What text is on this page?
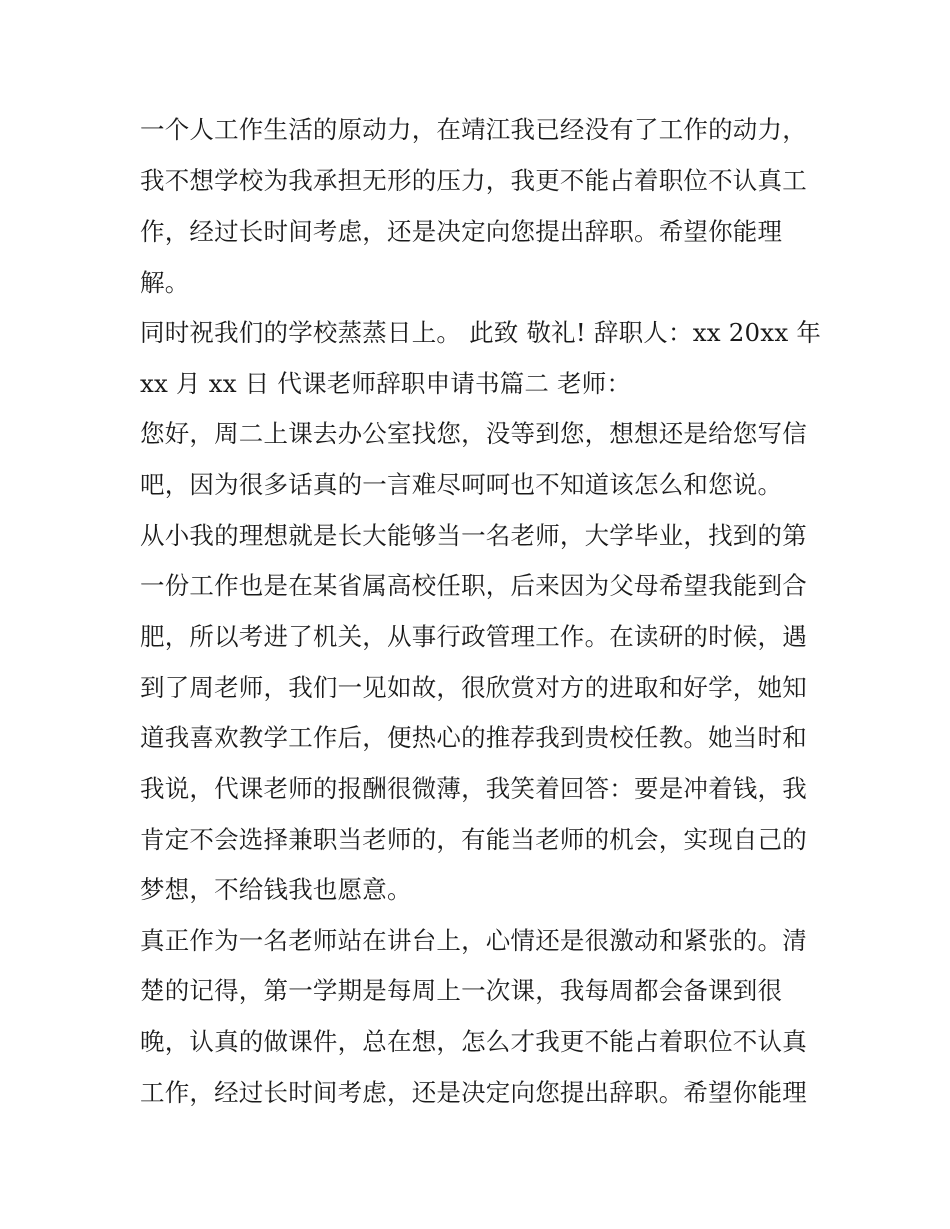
一个人工作生活的原动力，在靖江我已经没有了工作的动力，
我不想学校为我承担无形的压力，我更不能占着职位不认真工
作，经过长时间考虑，还是决定向您提出辞职。希望你能理
解。
同时祝我们的学校蒸蒸日上。 此致 敬礼! 辞职人：xx 20xx 年
xx 月 xx 日 代课老师辞职申请书篇二 老师：
您好，周二上课去办公室找您，没等到您，想想还是给您写信
吧，因为很多话真的一言难尽呵呵也不知道该怎么和您说。
从小我的理想就是长大能够当一名老师，大学毕业，找到的第
一份工作也是在某省属高校任职，后来因为父母希望我能到合
肥，所以考进了机关，从事行政管理工作。在读研的时候，遇
到了周老师，我们一见如故，很欣赏对方的进取和好学，她知
道我喜欢教学工作后，便热心的推荐我到贵校任教。她当时和
我说，代课老师的报酬很微薄，我笑着回答：要是冲着钱，我
肯定不会选择兼职当老师的，有能当老师的机会，实现自己的
梦想，不给钱我也愿意。
真正作为一名老师站在讲台上，心情还是很激动和紧张的。清
楚的记得，第一学期是每周上一次课，我每周都会备课到很
晚，认真的做课件，总在想，怎么才我更不能占着职位不认真
工作，经过长时间考虑，还是决定向您提出辞职。希望你能理
